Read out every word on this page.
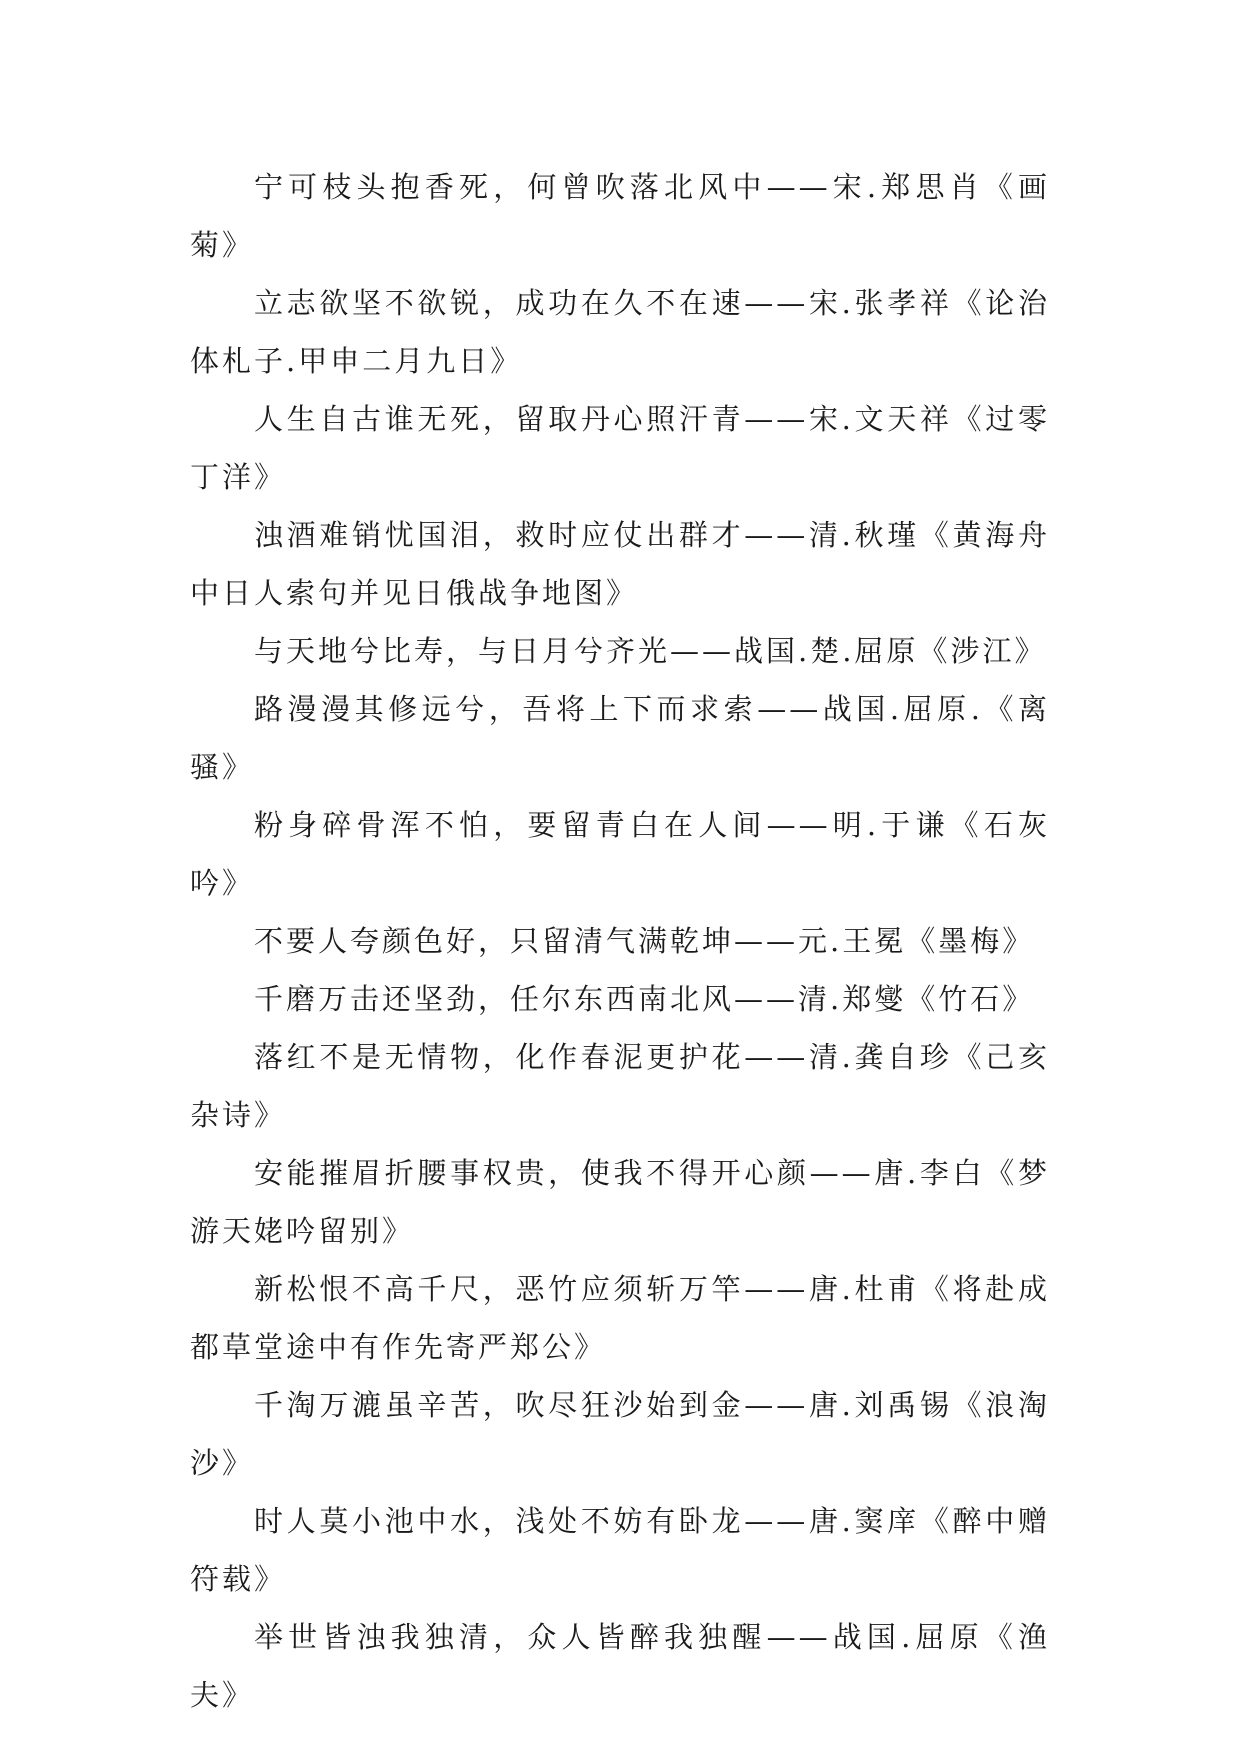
宁可枝头抱香死，何曾吹落北风中——宋.郑思肖《画菊》

立志欲坚不欲锐，成功在久不在速——宋.张孝祥《论治体札子.甲申二月九日》

人生自古谁无死，留取丹心照汗青——宋.文天祥《过零丁洋》

浊酒难销忧国泪，救时应仗出群才——清.秋瑾《黄海舟中日人索句并见日俄战争地图》

与天地兮比寿，与日月兮齐光——战国.楚.屈原《涉江》

路漫漫其修远兮，吾将上下而求索——战国.屈原.《离骚》

粉身碎骨浑不怕，要留青白在人间——明.于谦《石灰吟》

不要人夸颜色好，只留清气满乾坤——元.王冕《墨梅》

千磨万击还坚劲，任尔东西南北风——清.郑燮《竹石》

落红不是无情物，化作春泥更护花——清.龚自珍《己亥杂诗》

安能摧眉折腰事权贵，使我不得开心颜——唐.李白《梦游天姥吟留别》

新松恨不高千尺，恶竹应须斩万竿——唐.杜甫《将赴成都草堂途中有作先寄严郑公》

千淘万漉虽辛苦，吹尽狂沙始到金——唐.刘禹锡《浪淘沙》

时人莫小池中水，浅处不妨有卧龙——唐.窦庠《醉中赠符载》

举世皆浊我独清，众人皆醉我独醒——战国.屈原《渔夫》
